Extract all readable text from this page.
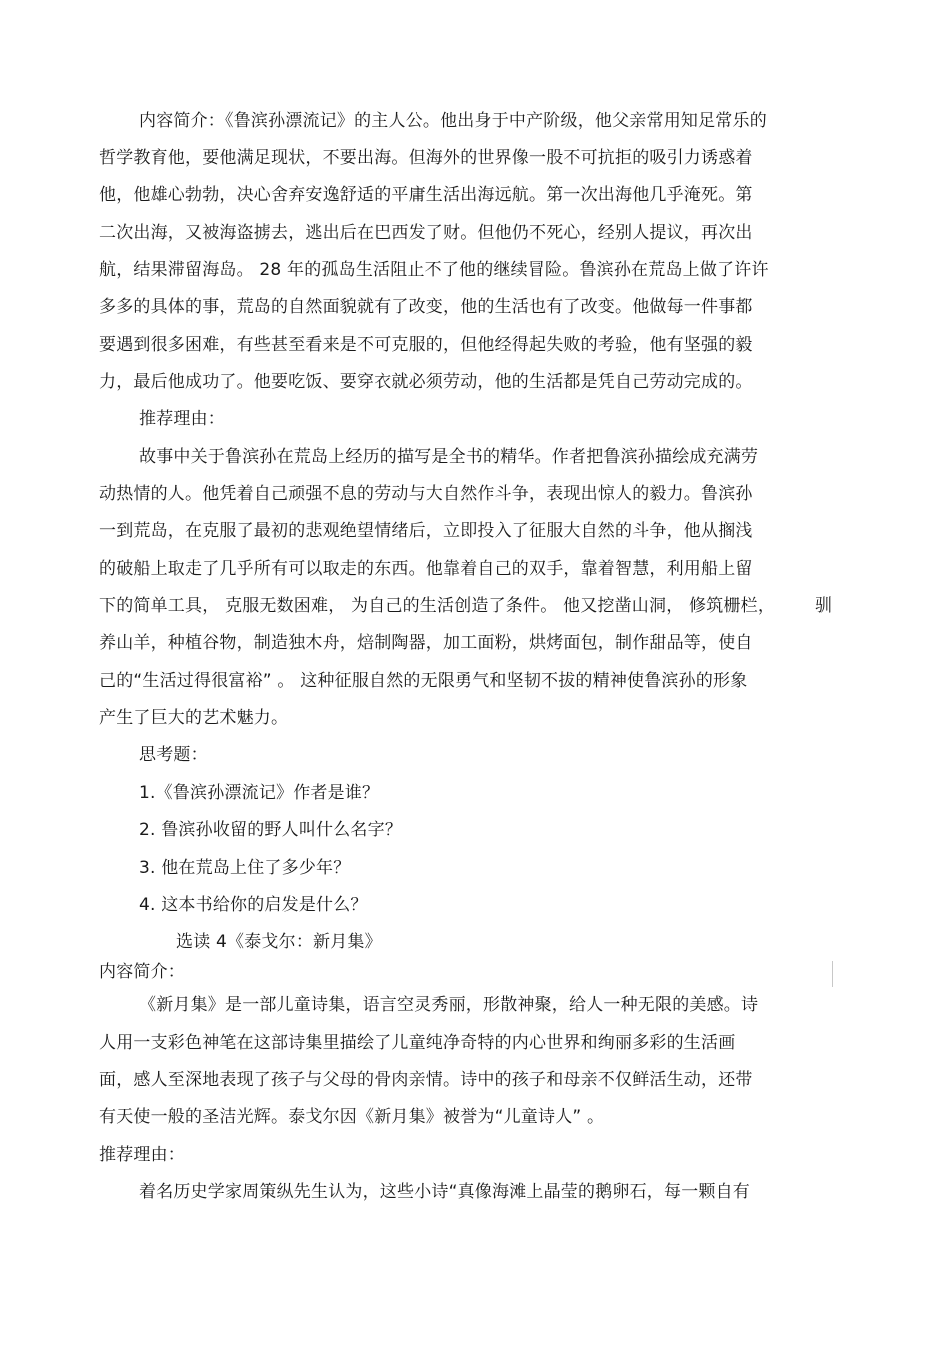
内容简介：《鲁滨孙漂流记》的主人公。他出身于中产阶级，他父亲常用知足常乐的
哲学教育他，要他满足现状，不要出海。但海外的世界像一股不可抗拒的吸引力诱惑着
他，他雄心勃勃，决心舍弃安逸舒适的平庸生活出海远航。第一次出海他几乎淹死。第
二次出海，又被海盗掳去，逃出后在巴西发了财。但他仍不死心，经别人提议，再次出
航，结果滞留海岛。 28 年的孤岛生活阻止不了他的继续冒险。鲁滨孙在荒岛上做了许许
多多的具体的事，荒岛的自然面貌就有了改变，他的生活也有了改变。他做每一件事都
要遇到很多困难，有些甚至看来是不可克服的，但他经得起失败的考验，他有坚强的毅
力，最后他成功了。他要吃饭、要穿衣就必须劳动，他的生活都是凭自己劳动完成的。
推荐理由：
故事中关于鲁滨孙在荒岛上经历的描写是全书的精华。作者把鲁滨孙描绘成充满劳
动热情的人。他凭着自己顽强不息的劳动与大自然作斗争，表现出惊人的毅力。鲁滨孙
一到荒岛，在克服了最初的悲观绝望情绪后，立即投入了征服大自然的斗争，他从搁浅
的破船上取走了几乎所有可以取走的东西。他靠着自己的双手，靠着智慧，利用船上留
下的简单工具， 克服无数困难， 为自己的生活创造了条件。 他又挖凿山洞， 修筑栅栏， 驯
养山羊，种植谷物，制造独木舟，焙制陶器，加工面粉，烘烤面包，制作甜品等，使自
己的“生活过得很富裕” 。 这种征服自然的无限勇气和坚韧不拔的精神使鲁滨孙的形象
产生了巨大的艺术魅力。
思考题：
1.《鲁滨孙漂流记》作者是谁？
2. 鲁滨孙收留的野人叫什么名字？
3. 他在荒岛上住了多少年？
4. 这本书给你的启发是什么？
选读 4《泰戈尔：新月集》
内容简介：
《新月集》是一部儿童诗集，语言空灵秀丽，形散神聚，给人一种无限的美感。诗
人用一支彩色神笔在这部诗集里描绘了儿童纯净奇特的内心世界和绚丽多彩的生活画
面，感人至深地表现了孩子与父母的骨肉亲情。诗中的孩子和母亲不仅鲜活生动，还带
有天使一般的圣洁光辉。泰戈尔因《新月集》被誉为“儿童诗人” 。
推荐理由：
着名历史学家周策纵先生认为，这些小诗“真像海滩上晶莹的鹅卵石，每一颗自有
